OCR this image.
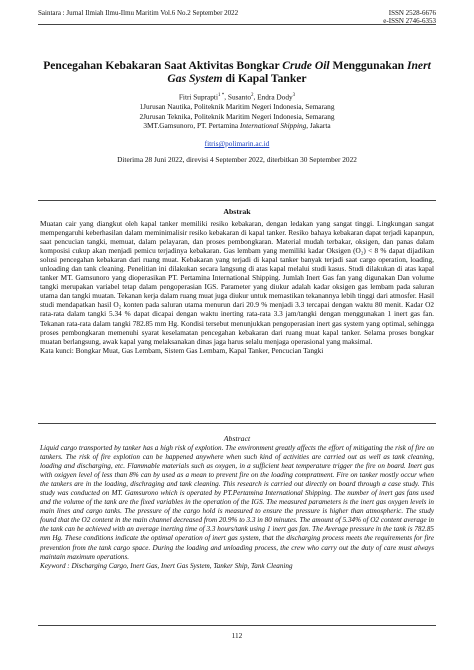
Saintara : Jurnal Ilmiah Ilmu-Ilmu Maritim Vol.6 No.2 September 2022	ISSN 2528-6676
e-ISSN 2746-6353
Pencegahan Kebakaran Saat Aktivitas Bongkar Crude Oil Menggunakan Inert Gas System di Kapal Tanker
Fitri Suprapti$^{1 *}$, Susanto$^2$, Endra Dody$^3$
1Jurusan Nautika, Politeknik Maritim Negeri Indonesia, Semarang
2Jurusan Teknika, Politeknik Maritim Negeri Indonesia, Semarang
3MT.Gamsunoro, PT. Pertamina International Shipping, Jakarta
fitris@polimarin.ac.id
Diterima 28 Juni 2022, direvisi 4 September 2022, diterbitkan 30 September 2022
Abstrak

Muatan cair yang diangkut oleh kapal tanker memiliki resiko kebakaran, dengan ledakan yang sangat tinggi. Lingkungan sangat mempengaruhi keberhasilan dalam meminimalisir resiko kebakaran di kapal tanker. Resiko bahaya kebakaran dapat terjadi kapanpun, saat pencucian tangki, memuat, dalam pelayaran, dan proses pembongkaran. Material mudah terbakar, oksigen, dan panas dalam komposisi cukup akan menjadi pemicu terjadinya kebakaran. Gas lembam yang memiliki kadar Oksigen (O₂) < 8 % dapat dijadikan solusi pencegahan kebakaran dari ruang muat. Kebakaran yang terjadi di kapal tanker banyak terjadi saat cargo operation, loading, unloading dan tank cleaning. Penelitian ini dilakukan secara langsung di atas kapal melalui studi kasus. Studi dilakukan di atas kapal tanker MT. Gamsunoro yang dioperasikan PT. Pertamina International Shipping. Jumlah Inert Gas fan yang digunakan Dan volume tangki merupakan variabel tetap dalam pengoperasian IGS. Parameter yang diukur adalah kadar oksigen gas lembam pada saluran utama dan tangki muatan. Tekanan kerja dalam ruang muat juga diukur untuk memastikan tekanannya lebih tinggi dari atmosfer. Hasil studi mendapatkan hasil O₂ konten pada saluran utama menurun dari 20.9 % menjadi 3.3 tercapai dengan waktu 80 menit. Kadar O2 rata-rata dalam tangki 5.34 % dapat dicapai dengan waktu inerting rata-rata 3.3 jam/tangki dengan menggunakan 1 inert gas fan. Tekanan rata-rata dalam tangki 782.85 mm Hg. Kondisi tersebut menunjukkan pengoperasian inert gas system yang optimal, sehingga proses pembongkaran memenuhi syarat keselamatan pencegahan kebakaran dari ruang muat kapal tanker. Selama proses bongkar muatan berlangsung, awak kapal yang melaksanakan dinas jaga harus selalu menjaga operasional yang maksimal.

Kata kunci: Bongkar Muat, Gas Lembam, Sistem Gas Lembam, Kapal Tanker, Pencucian Tangki

Abstract

Liquid cargo transported by tanker has a high risk of explotion. The environment greatly affects the effort of mitigating the risk of fire on tankers. The risk of fire explotion can be happened anywhere when such kind of activities are carried out as well as tank cleaning, loading and discharging, etc. Flammable materials such as oxygen, in a sufficient heat temperature trigger the fire on board. Inert gas with oxigyen level of less than 8% can by used as a mean to prevent fire on the loading compratment. Fire on tanker mostly occur when the tankers are in the loading, dischraging and tank cleaning. This research is carried out directly on board through a case study. This study was conducted on MT. Gamsurono which is operated by PT.Pertamina International Shipping. The number of inert gas fans used and the volume of the tank are the fixed variables in the operation of the IGS. The measured parameters is the inert gas oxygen levels in main lines and cargo tanks. The pressure of the cargo hold is measured to ensure the pressure is higher than atmospheric. The study found that the O2 content in the main channel decreased from 20.9% to 3.3 in 80 minutes. The amount of 5.34% of O2 content average in the tank can be achieved with an average inerting time of 3.3 hours/tank using 1 inert gas fan. The Average pressure in the tank is 782.85 mm Hg. These conditions indicate the optimal operation of inert gas system, that the discharging process meets the requirements for fire prevention from the tank cargo space. During the loading and unloading process, the crew who carry out the duty of care must always maintain maximum operations.

Keyword : Discharging Cargo, Inert Gas, Inert Gas System, Tanker Ship, Tank Cleaning

112
